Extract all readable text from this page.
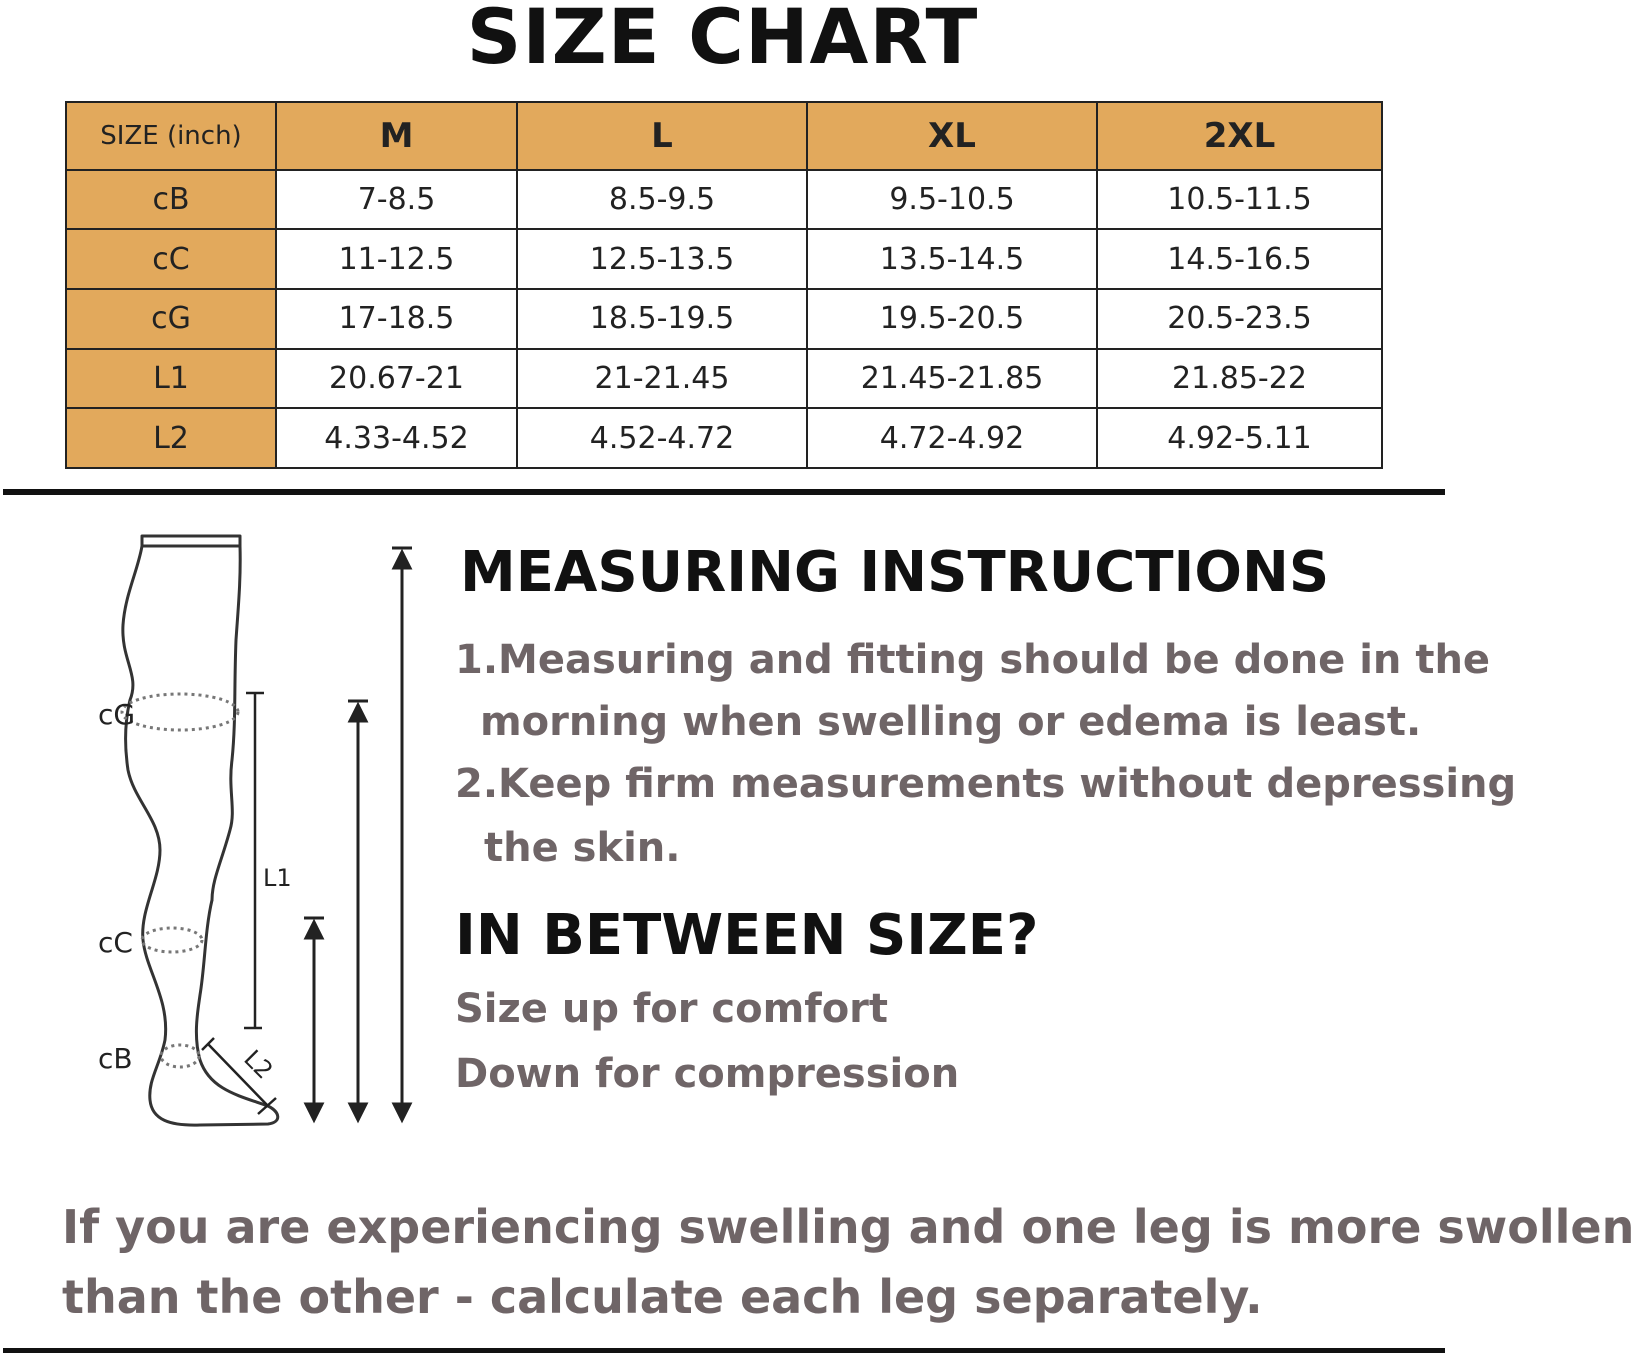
SIZE CHART
SIZE (inch)	M	L	XL	2XL
cB	7-8.5	8.5-9.5	9.5-10.5	10.5-11.5
cC	11-12.5	12.5-13.5	13.5-14.5	14.5-16.5
cG	17-18.5	18.5-19.5	19.5-20.5	20.5-23.5
L1	20.67-21	21-21.45	21.45-21.85	21.85-22
L2	4.33-4.52	4.52-4.72	4.72-4.92	4.92-5.11
cG
cC
cB
L1
L2
MEASURING INSTRUCTIONS
1.Measuring and fitting should be done in the
morning when swelling or edema is least.
2.Keep firm measurements without depressing
the skin.
IN BETWEEN SIZE?
Size up for comfort
Down for compression
If you are experiencing swelling and one leg is more swollen
than the other - calculate each leg separately.
